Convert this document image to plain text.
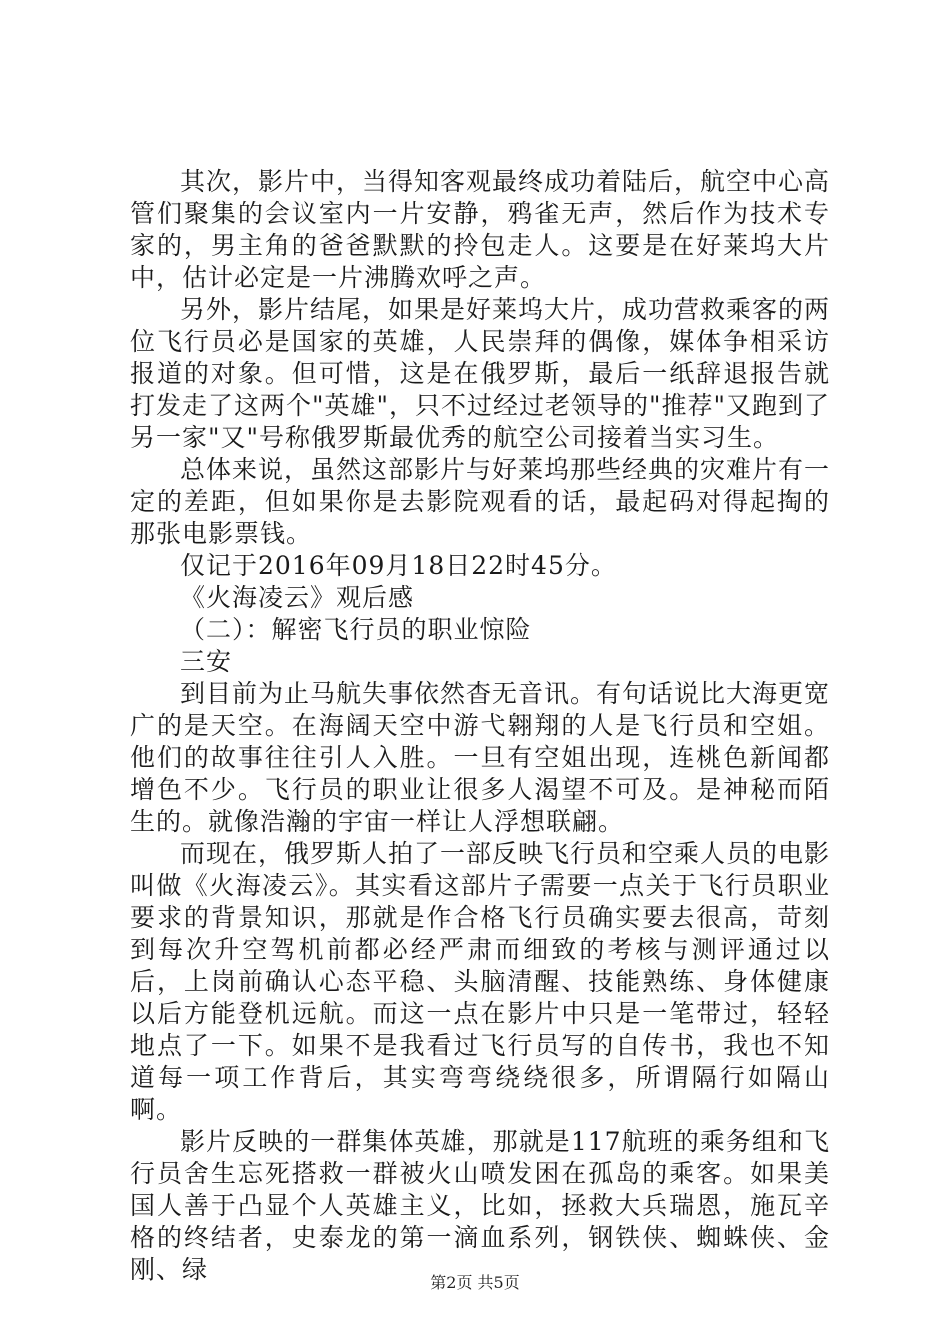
其次，影片中，当得知客观最终成功着陆后，航空中心高管们聚集的会议室内一片安静，鸦雀无声，然后作为技术专家的，男主角的爸爸默默的拎包走人。这要是在好莱坞大片中，估计必定是一片沸腾欢呼之声。

另外，影片结尾，如果是好莱坞大片，成功营救乘客的两位飞行员必是国家的英雄，人民崇拜的偶像，媒体争相采访报道的对象。但可惜，这是在俄罗斯，最后一纸辞退报告就打发走了这两个"英雄"，只不过经过老领导的"推荐"又跑到了另一家"又"号称俄罗斯最优秀的航空公司接着当实习生。

总体来说，虽然这部影片与好莱坞那些经典的灾难片有一定的差距，但如果你是去影院观看的话，最起码对得起掏的那张电影票钱。

仅记于2016年09月18日22时45分。

《火海凌云》观后感

（二）：解密飞行员的职业惊险

三安

到目前为止马航失事依然杳无音讯。有句话说比大海更宽广的是天空。在海阔天空中游弋翱翔的人是飞行员和空姐。他们的故事往往引人入胜。一旦有空姐出现，连桃色新闻都增色不少。飞行员的职业让很多人渴望不可及。是神秘而陌生的。就像浩瀚的宇宙一样让人浮想联翩。

而现在，俄罗斯人拍了一部反映飞行员和空乘人员的电影叫做《火海凌云》。其实看这部片子需要一点关于飞行员职业要求的背景知识，那就是作合格飞行员确实要去很高，苛刻到每次升空驾机前都必经严肃而细致的考核与测评通过以后，上岗前确认心态平稳、头脑清醒、技能熟练、身体健康以后方能登机远航。而这一点在影片中只是一笔带过，轻轻地点了一下。如果不是我看过飞行员写的自传书，我也不知道每一项工作背后，其实弯弯绕绕很多，所谓隔行如隔山啊。

影片反映的一群集体英雄，那就是117航班的乘务组和飞行员舍生忘死搭救一群被火山喷发困在孤岛的乘客。如果美国人善于凸显个人英雄主义，比如，拯救大兵瑞恩，施瓦辛格的终结者，史泰龙的第一滴血系列，钢铁侠、蜘蛛侠、金刚、绿	第2页 共5页
